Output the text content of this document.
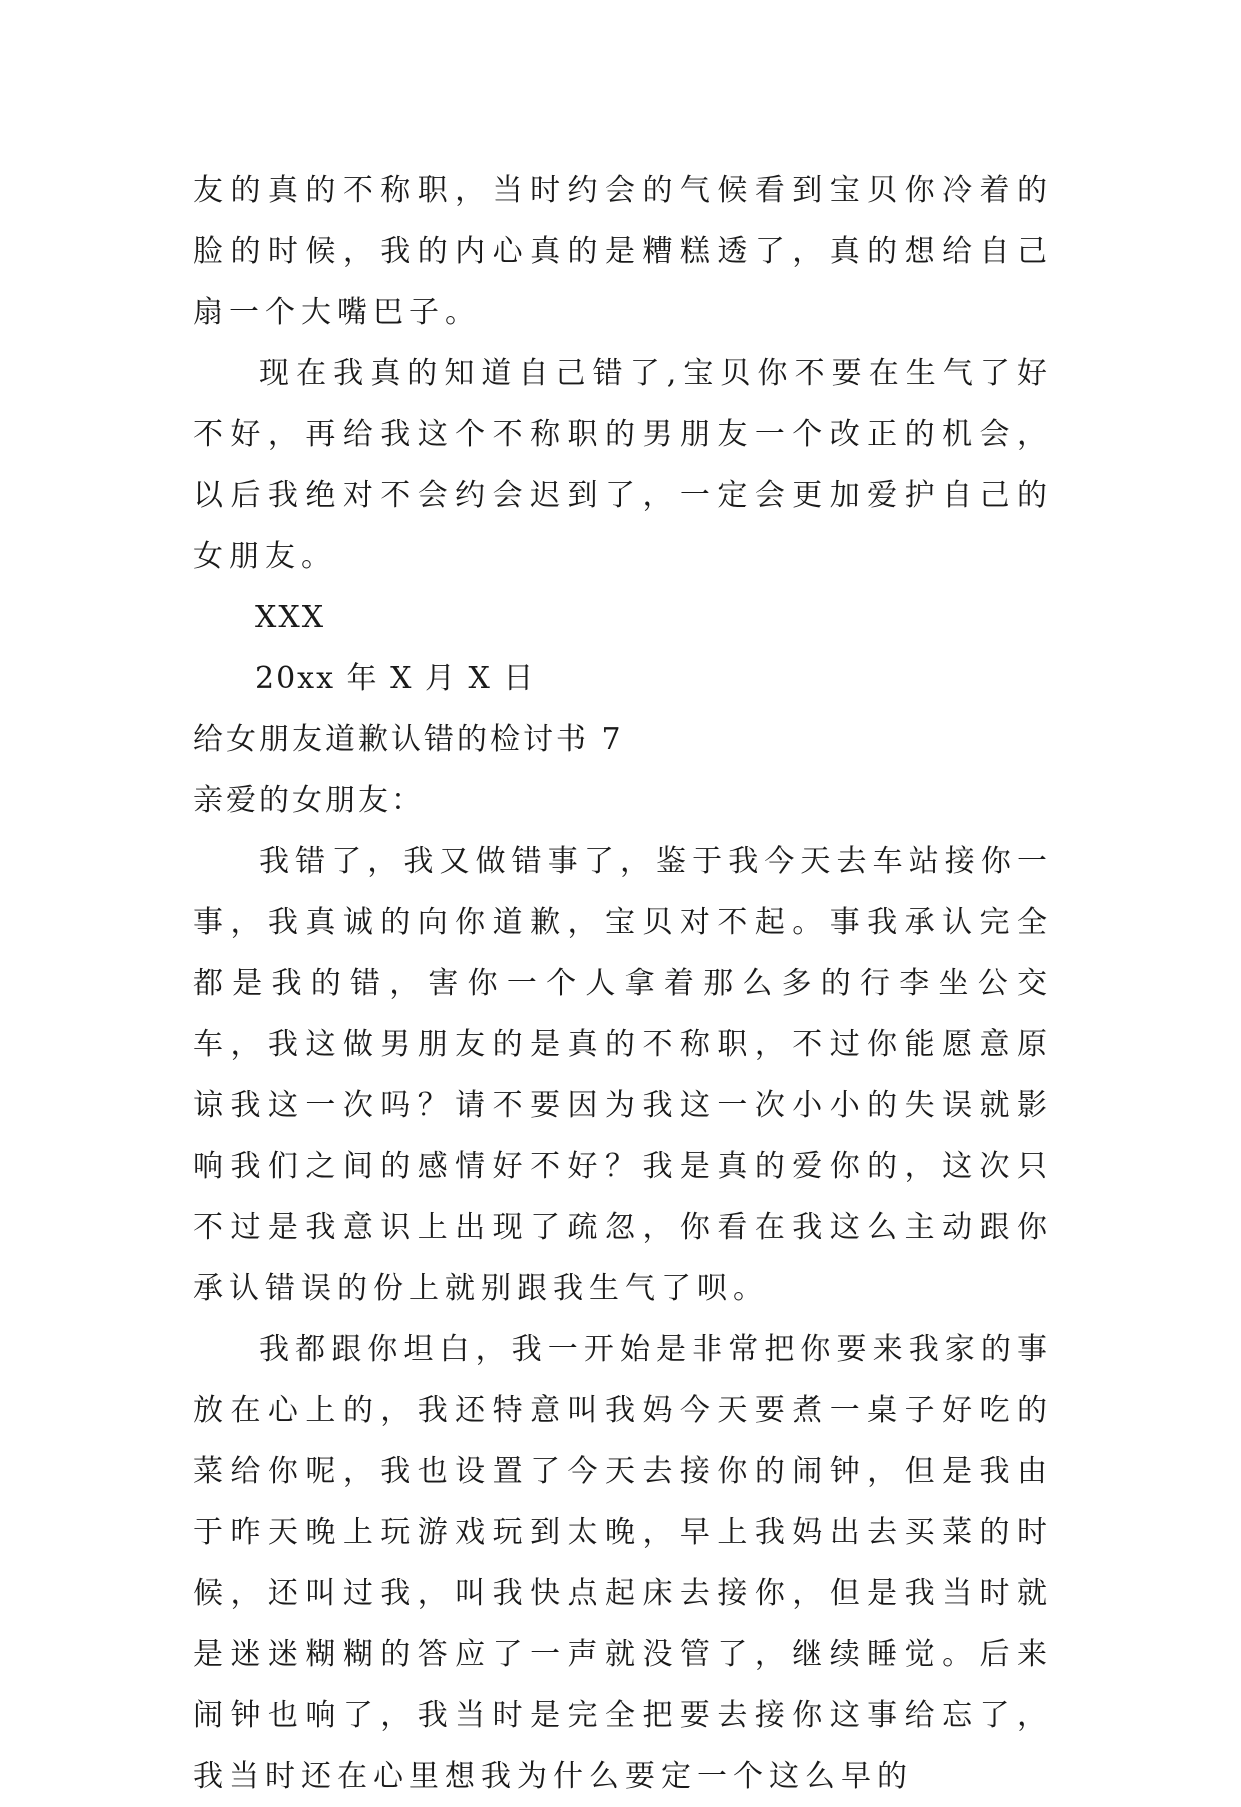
友的真的不称职，当时约会的气候看到宝贝你冷着的脸的时候，我的内心真的是糟糕透了，真的想给自己扇一个大嘴巴子。

现在我真的知道自己错了,宝贝你不要在生气了好不好，再给我这个不称职的男朋友一个改正的机会，以后我绝对不会约会迟到了，一定会更加爱护自己的女朋友。

XXX

20xx 年 X 月 X 日

给女朋友道歉认错的检讨书 7

亲爱的女朋友：

我错了，我又做错事了，鉴于我今天去车站接你一事，我真诚的向你道歉，宝贝对不起。事我承认完全都是我的错，害你一个人拿着那么多的行李坐公交车，我这做男朋友的是真的不称职，不过你能愿意原谅我这一次吗？请不要因为我这一次小小的失误就影响我们之间的感情好不好？我是真的爱你的，这次只不过是我意识上出现了疏忽，你看在我这么主动跟你承认错误的份上就别跟我生气了呗。

我都跟你坦白，我一开始是非常把你要来我家的事放在心上的，我还特意叫我妈今天要煮一桌子好吃的菜给你呢，我也设置了今天去接你的闹钟，但是我由于昨天晚上玩游戏玩到太晚，早上我妈出去买菜的时候，还叫过我，叫我快点起床去接你，但是我当时就是迷迷糊糊的答应了一声就没管了，继续睡觉。后来闹钟也响了，我当时是完全把要去接你这事给忘了，我当时还在心里想我为什么要定一个这么早的
